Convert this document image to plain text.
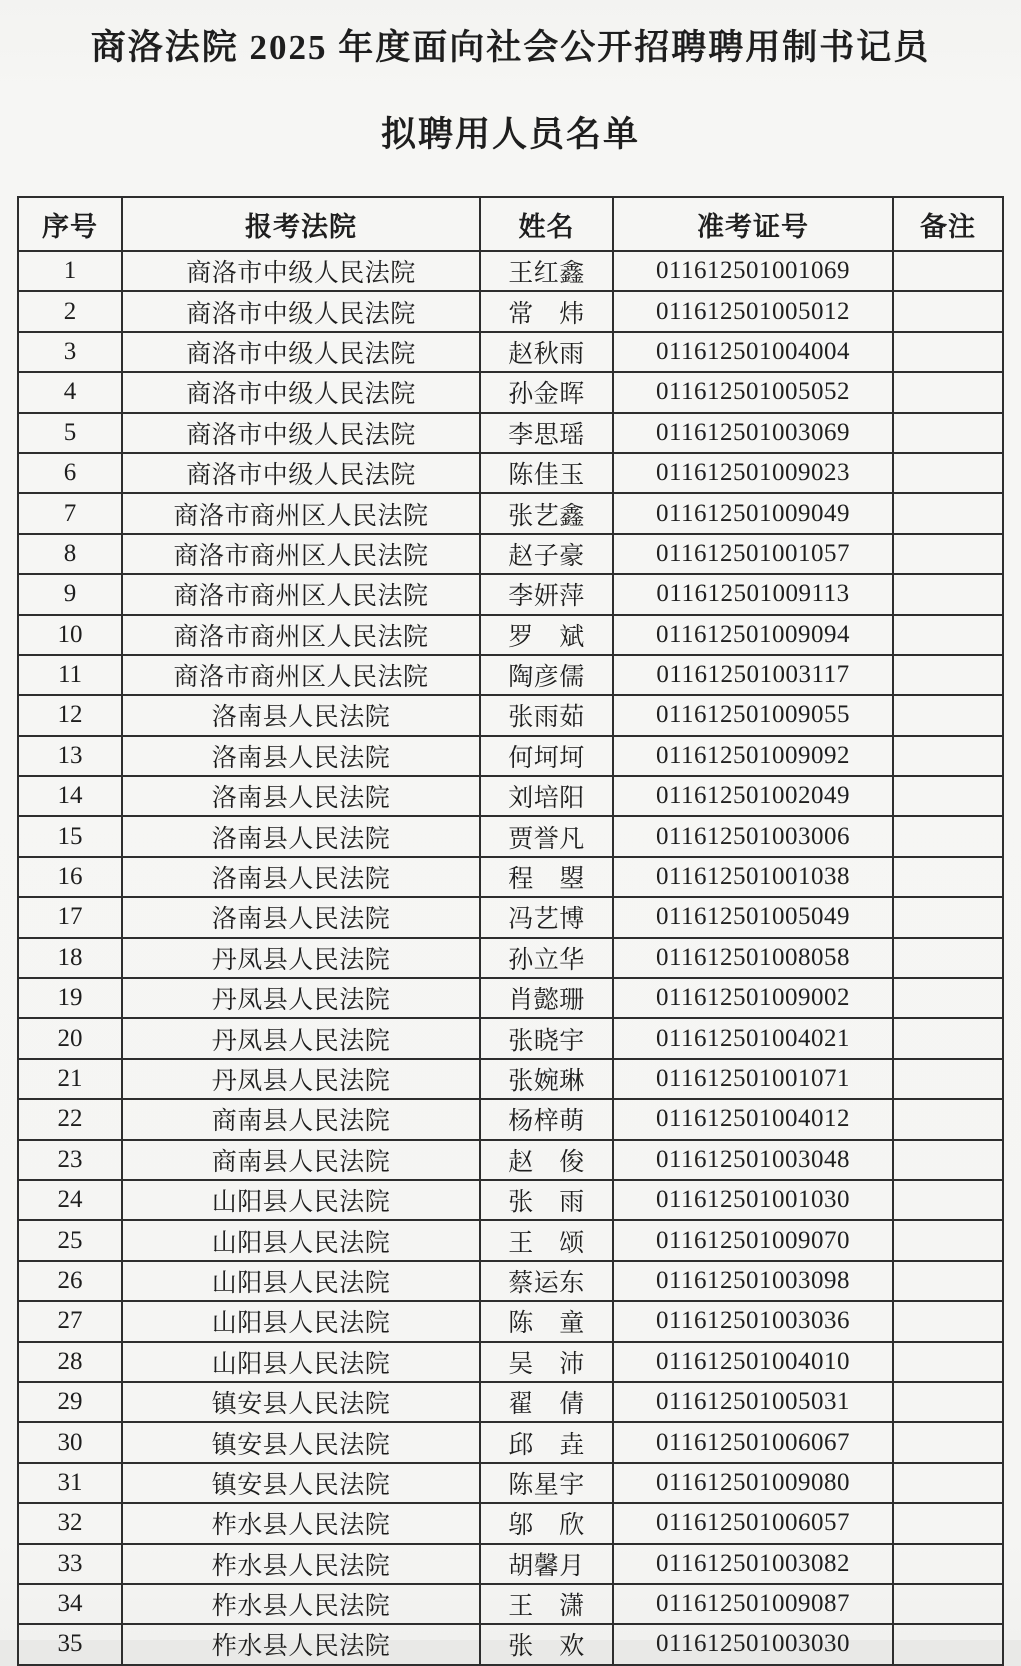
商洛法院 2025 年度面向社会公开招聘聘用制书记员
拟聘用人员名单
序号	报考法院	姓名	准考证号	备注
1	商洛市中级人民法院	王红鑫	011612501001069	
2	商洛市中级人民法院	常　炜	011612501005012	
3	商洛市中级人民法院	赵秋雨	011612501004004	
4	商洛市中级人民法院	孙金晖	011612501005052	
5	商洛市中级人民法院	李思瑶	011612501003069	
6	商洛市中级人民法院	陈佳玉	011612501009023	
7	商洛市商州区人民法院	张艺鑫	011612501009049	
8	商洛市商州区人民法院	赵子豪	011612501001057	
9	商洛市商州区人民法院	李妍萍	011612501009113	
10	商洛市商州区人民法院	罗　斌	011612501009094	
11	商洛市商州区人民法院	陶彦儒	011612501003117	
12	洛南县人民法院	张雨茹	011612501009055	
13	洛南县人民法院	何坷坷	011612501009092	
14	洛南县人民法院	刘培阳	011612501002049	
15	洛南县人民法院	贾誉凡	011612501003006	
16	洛南县人民法院	程　曌	011612501001038	
17	洛南县人民法院	冯艺博	011612501005049	
18	丹凤县人民法院	孙立华	011612501008058	
19	丹凤县人民法院	肖懿珊	011612501009002	
20	丹凤县人民法院	张晓宇	011612501004021	
21	丹凤县人民法院	张婉琳	011612501001071	
22	商南县人民法院	杨梓萌	011612501004012	
23	商南县人民法院	赵　俊	011612501003048	
24	山阳县人民法院	张　雨	011612501001030	
25	山阳县人民法院	王　颂	011612501009070	
26	山阳县人民法院	蔡运东	011612501003098	
27	山阳县人民法院	陈　童	011612501003036	
28	山阳县人民法院	吴　沛	011612501004010	
29	镇安县人民法院	翟　倩	011612501005031	
30	镇安县人民法院	邱　垚	011612501006067	
31	镇安县人民法院	陈星宇	011612501009080	
32	柞水县人民法院	邬　欣	011612501006057	
33	柞水县人民法院	胡馨月	011612501003082	
34	柞水县人民法院	王　潇	011612501009087	
35	柞水县人民法院	张　欢	011612501003030	
